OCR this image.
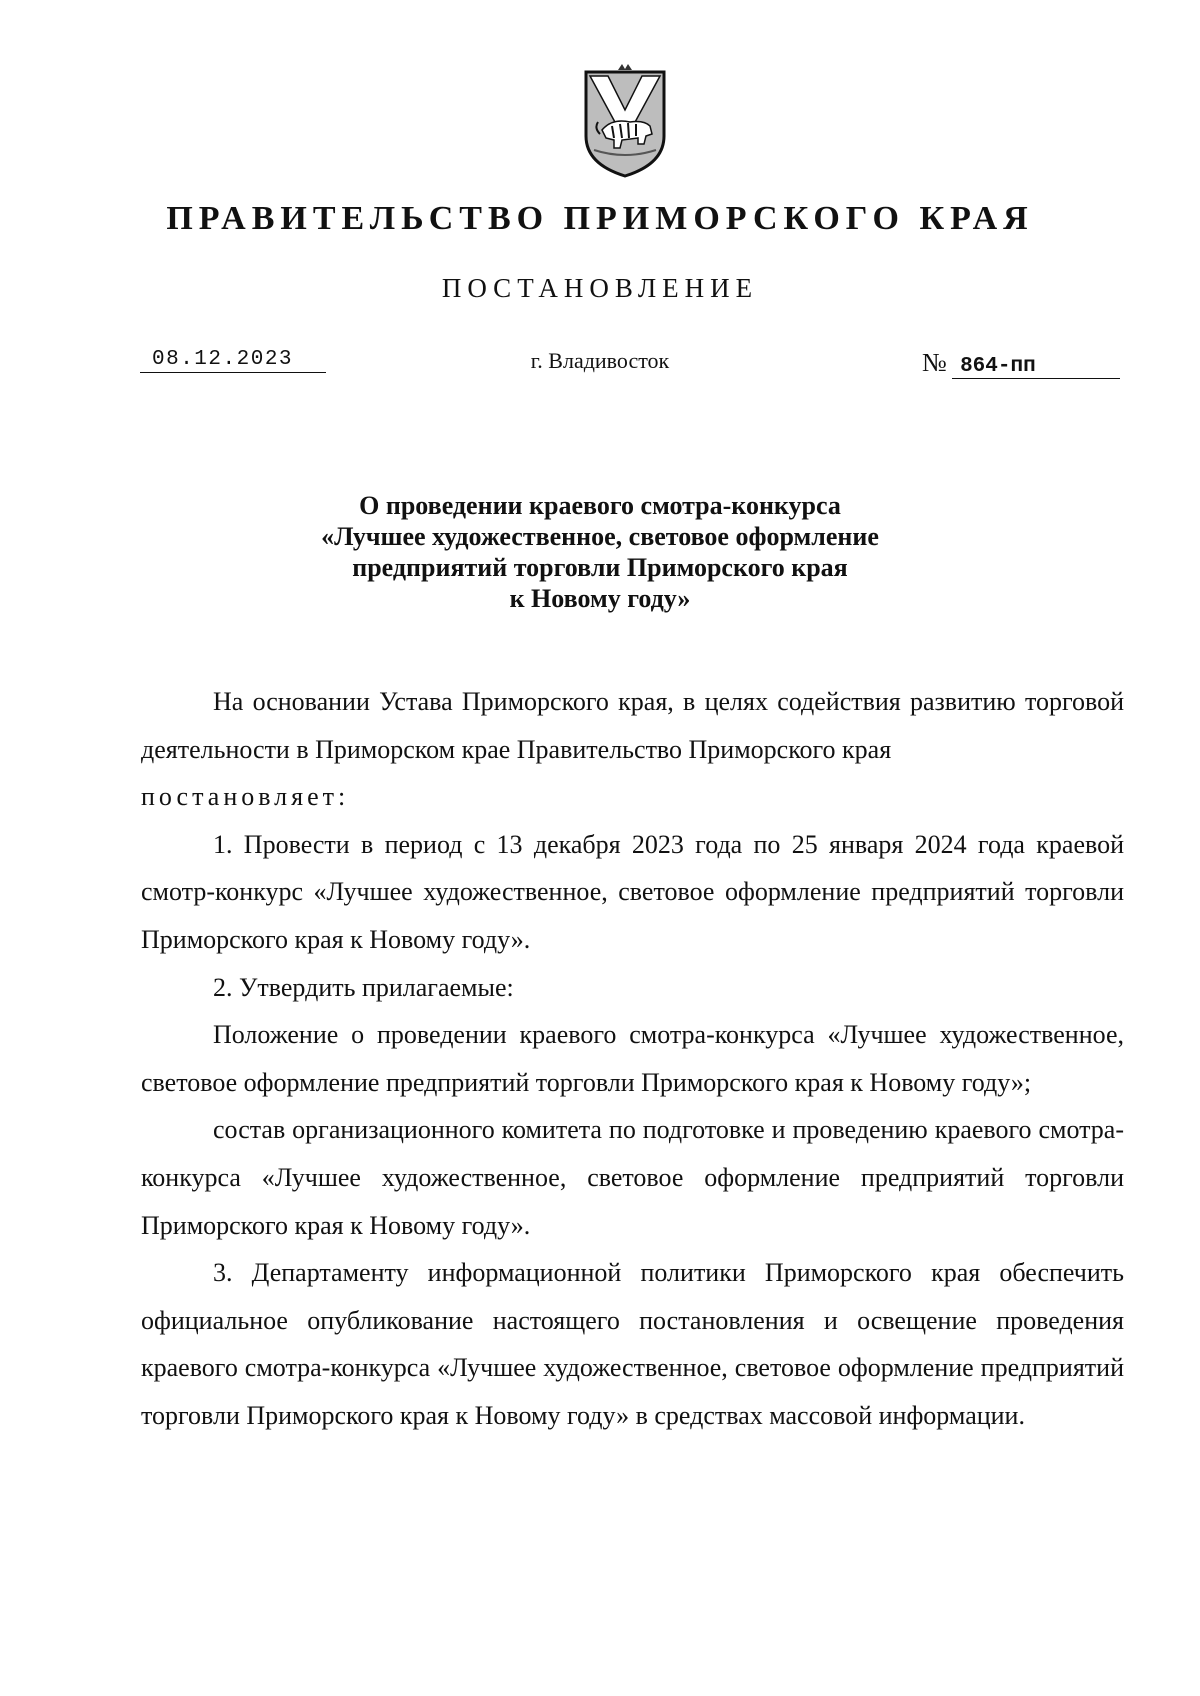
ПРАВИТЕЛЬСТВО ПРИМОРСКОГО КРАЯ
ПОСТАНОВЛЕНИЕ
08.12.2023	г. Владивосток	№ 864-пп
О проведении краевого смотра-конкурса
«Лучшее художественное, световое оформление
предприятий торговли Приморского края
к Новому году»

На основании Устава Приморского края, в целях содействия развитию торговой деятельности в Приморском крае Правительство Приморского края

постановляет:

1. Провести в период с 13 декабря 2023 года по 25 января 2024 года краевой смотр-конкурс «Лучшее художественное, световое оформление предприятий торговли Приморского края к Новому году».

2. Утвердить прилагаемые:

Положение о проведении краевого смотра-конкурса «Лучшее художественное, световое оформление предприятий торговли Приморского края к Новому году»;

состав организационного комитета по подготовке и проведению краевого смотра-конкурса «Лучшее художественное, световое оформление предприятий торговли Приморского края к Новому году».

3. Департаменту информационной политики Приморского края обеспечить официальное опубликование настоящего постановления и освещение проведения краевого смотра-конкурса «Лучшее художественное, световое оформление предприятий торговли Приморского края к Новому году» в средствах массовой информации.
